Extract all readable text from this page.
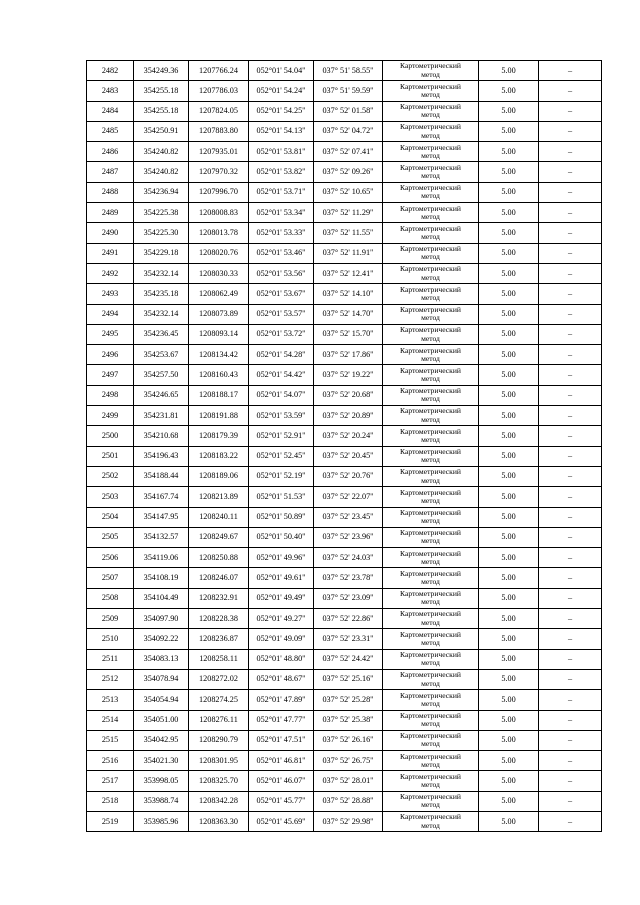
2482	354249.36	1207766.24	052°01' 54.04"	037° 51' 58.55"	Картометрический
метод	5.00	–
2483	354255.18	1207786.03	052°01' 54.24"	037° 51' 59.59"	Картометрический
метод	5.00	–
2484	354255.18	1207824.05	052°01' 54.25"	037° 52' 01.58"	Картометрический
метод	5.00	–
2485	354250.91	1207883.80	052°01' 54.13"	037° 52' 04.72"	Картометрический
метод	5.00	–
2486	354240.82	1207935.01	052°01' 53.81"	037° 52' 07.41"	Картометрический
метод	5.00	–
2487	354240.82	1207970.32	052°01' 53.82"	037° 52' 09.26"	Картометрический
метод	5.00	–
2488	354236.94	1207996.70	052°01' 53.71"	037° 52' 10.65"	Картометрический
метод	5.00	–
2489	354225.38	1208008.83	052°01' 53.34"	037° 52' 11.29"	Картометрический
метод	5.00	–
2490	354225.30	1208013.78	052°01' 53.33"	037° 52' 11.55"	Картометрический
метод	5.00	–
2491	354229.18	1208020.76	052°01' 53.46"	037° 52' 11.91"	Картометрический
метод	5.00	–
2492	354232.14	1208030.33	052°01' 53.56"	037° 52' 12.41"	Картометрический
метод	5.00	–
2493	354235.18	1208062.49	052°01' 53.67"	037° 52' 14.10"	Картометрический
метод	5.00	–
2494	354232.14	1208073.89	052°01' 53.57"	037° 52' 14.70"	Картометрический
метод	5.00	–
2495	354236.45	1208093.14	052°01' 53.72"	037° 52' 15.70"	Картометрический
метод	5.00	–
2496	354253.67	1208134.42	052°01' 54.28"	037° 52' 17.86"	Картометрический
метод	5.00	–
2497	354257.50	1208160.43	052°01' 54.42"	037° 52' 19.22"	Картометрический
метод	5.00	–
2498	354246.65	1208188.17	052°01' 54.07"	037° 52' 20.68"	Картометрический
метод	5.00	–
2499	354231.81	1208191.88	052°01' 53.59"	037° 52' 20.89"	Картометрический
метод	5.00	–
2500	354210.68	1208179.39	052°01' 52.91"	037° 52' 20.24"	Картометрический
метод	5.00	–
2501	354196.43	1208183.22	052°01' 52.45"	037° 52' 20.45"	Картометрический
метод	5.00	–
2502	354188.44	1208189.06	052°01' 52.19"	037° 52' 20.76"	Картометрический
метод	5.00	–
2503	354167.74	1208213.89	052°01' 51.53"	037° 52' 22.07"	Картометрический
метод	5.00	–
2504	354147.95	1208240.11	052°01' 50.89"	037° 52' 23.45"	Картометрический
метод	5.00	–
2505	354132.57	1208249.67	052°01' 50.40"	037° 52' 23.96"	Картометрический
метод	5.00	–
2506	354119.06	1208250.88	052°01' 49.96"	037° 52' 24.03"	Картометрический
метод	5.00	–
2507	354108.19	1208246.07	052°01' 49.61"	037° 52' 23.78"	Картометрический
метод	5.00	–
2508	354104.49	1208232.91	052°01' 49.49"	037° 52' 23.09"	Картометрический
метод	5.00	–
2509	354097.90	1208228.38	052°01' 49.27"	037° 52' 22.86"	Картометрический
метод	5.00	–
2510	354092.22	1208236.87	052°01' 49.09"	037° 52' 23.31"	Картометрический
метод	5.00	–
2511	354083.13	1208258.11	052°01' 48.80"	037° 52' 24.42"	Картометрический
метод	5.00	–
2512	354078.94	1208272.02	052°01' 48.67"	037° 52' 25.16"	Картометрический
метод	5.00	–
2513	354054.94	1208274.25	052°01' 47.89"	037° 52' 25.28"	Картометрический
метод	5.00	–
2514	354051.00	1208276.11	052°01' 47.77"	037° 52' 25.38"	Картометрический
метод	5.00	–
2515	354042.95	1208290.79	052°01' 47.51"	037° 52' 26.16"	Картометрический
метод	5.00	–
2516	354021.30	1208301.95	052°01' 46.81"	037° 52' 26.75"	Картометрический
метод	5.00	–
2517	353998.05	1208325.70	052°01' 46.07"	037° 52' 28.01"	Картометрический
метод	5.00	–
2518	353988.74	1208342.28	052°01' 45.77"	037° 52' 28.88"	Картометрический
метод	5.00	–
2519	353985.96	1208363.30	052°01' 45.69"	037° 52' 29.98"	Картометрический
метод	5.00	–
